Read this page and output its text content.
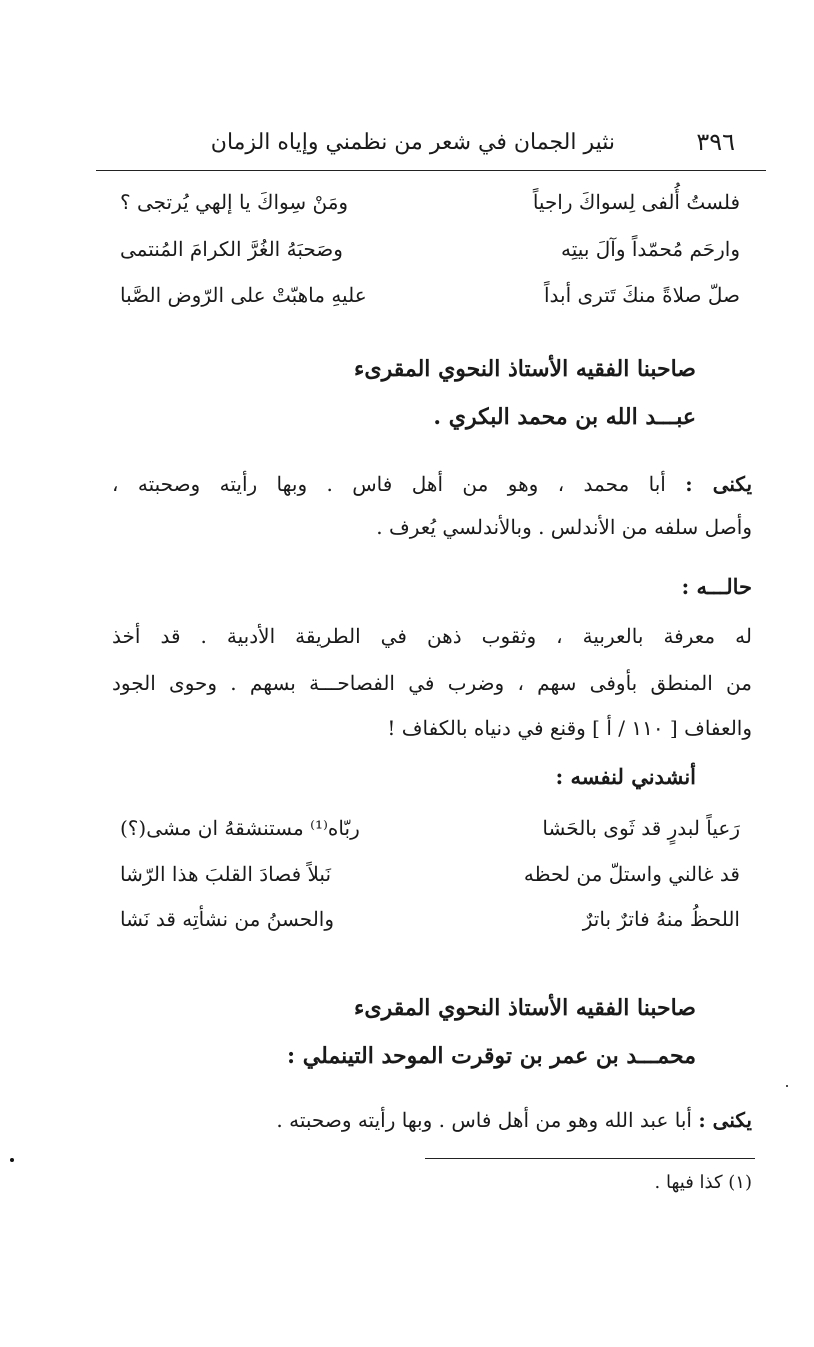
٣٩٦
نثير الجمان في شعر من نظمني وإياه الزمان
فلستُ أُلفى لِسواكَ راجياً
ومَنْ سِواكَ يا إلهي يُرتجى ؟
وارحَم مُحمّداً وآلَ بيتِه
وصَحبَهُ الغُرَّ الكرامَ المُنتمى
صلّ صلاةً منكَ تَترى أبداً
عليهِ ماهبّتْ على الرّوض الصَّبا
صاحبنا الفقيه الأستاذ النحوي المقرىء
عبـــد الله بن محمد البكري .
يكنى : أبا محمد ، وهو من أهل فاس . وبها رأيته وصحبته ،
وأصل سلفه من الأندلس . وبالأندلسي يُعرف .
حالـــه :
له معرفة بالعربية ، وثقوب ذهن في الطريقة الأدبية . قد أخذ
من المنطق بأوفى سهم ، وضرب في الفصاحـــة بسهم . وحوى الجود
والعفاف [ ١١٠ / أ ] وقنع في دنياه بالكفاف !
أنشدني لنفسه :
رَعياً لبدرٍ قد ثَوى بالحَشا
ربّاه⁽¹⁾ مستنشقهُ ان مشى(؟)
قد غالني واستلّ من لحظه
نَبلاً فصادَ القلبَ هذا الرّشا
اللحظُ منهُ فاترٌ باترٌ
والحسنُ من نشأتِه قد نَشا
صاحبنا الفقيه الأستاذ النحوي المقرىء
محمـــد بن عمر بن توقرت الموحد التينملي :
يكنى : أبا عبد الله وهو من أهل فاس . وبها رأيته وصحبته .
(١) كذا فيها .
